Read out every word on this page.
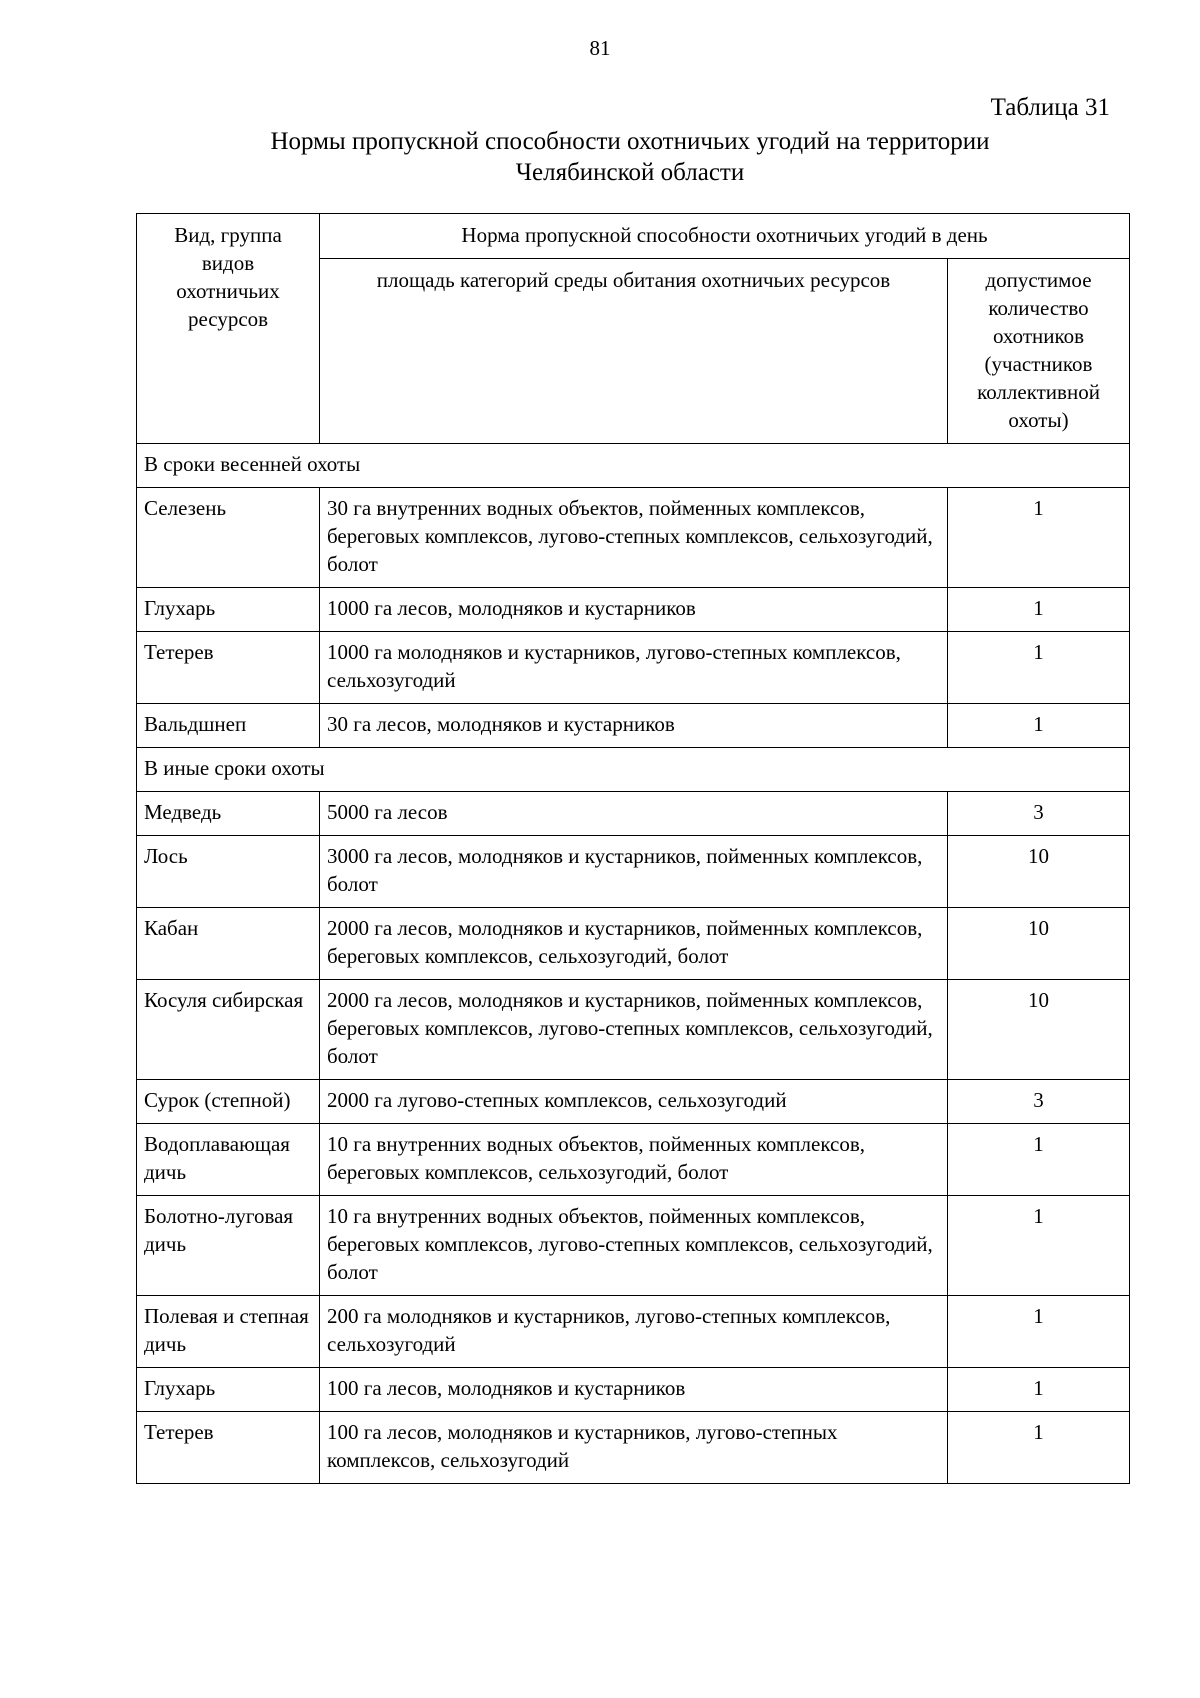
81
Таблица 31
Нормы пропускной способности охотничьих угодий на территории
Челябинской области
Вид, группа видов охотничьих ресурсов	Норма пропускной способности охотничьих угодий в день	
	площадь категорий среды обитания охотничьих ресурсов	допустимое количество охотников (участников коллективной охоты)
В сроки весенней охоты		
Селезень	30 га внутренних водных объектов, пойменных комплексов, береговых комплексов, лугово-степных комплексов, сельхозугодий, болот	1
Глухарь	1000 га лесов, молодняков и кустарников	1
Тетерев	1000 га молодняков и кустарников, лугово-степных комплексов, сельхозугодий	1
Вальдшнеп	30 га лесов, молодняков и кустарников	1
В иные сроки охоты		
Медведь	5000 га лесов	3
Лось	3000 га лесов, молодняков и кустарников, пойменных комплексов, болот	10
Кабан	2000 га лесов, молодняков и кустарников, пойменных комплексов, береговых комплексов, сельхозугодий, болот	10
Косуля сибирская	2000 га лесов, молодняков и кустарников, пойменных комплексов, береговых комплексов, лугово-степных комплексов, сельхозугодий, болот	10
Сурок (степной)	2000 га лугово-степных комплексов, сельхозугодий	3
Водоплавающая дичь	10 га внутренних водных объектов, пойменных комплексов, береговых комплексов, сельхозугодий, болот	1
Болотно-луговая дичь	10 га внутренних водных объектов, пойменных комплексов, береговых комплексов, лугово-степных комплексов, сельхозугодий, болот	1
Полевая и степная дичь	200 га молодняков и кустарников, лугово-степных комплексов, сельхозугодий	1
Глухарь	100 га лесов, молодняков и кустарников	1
Тетерев	100 га лесов, молодняков и кустарников, лугово-степных комплексов, сельхозугодий	1
